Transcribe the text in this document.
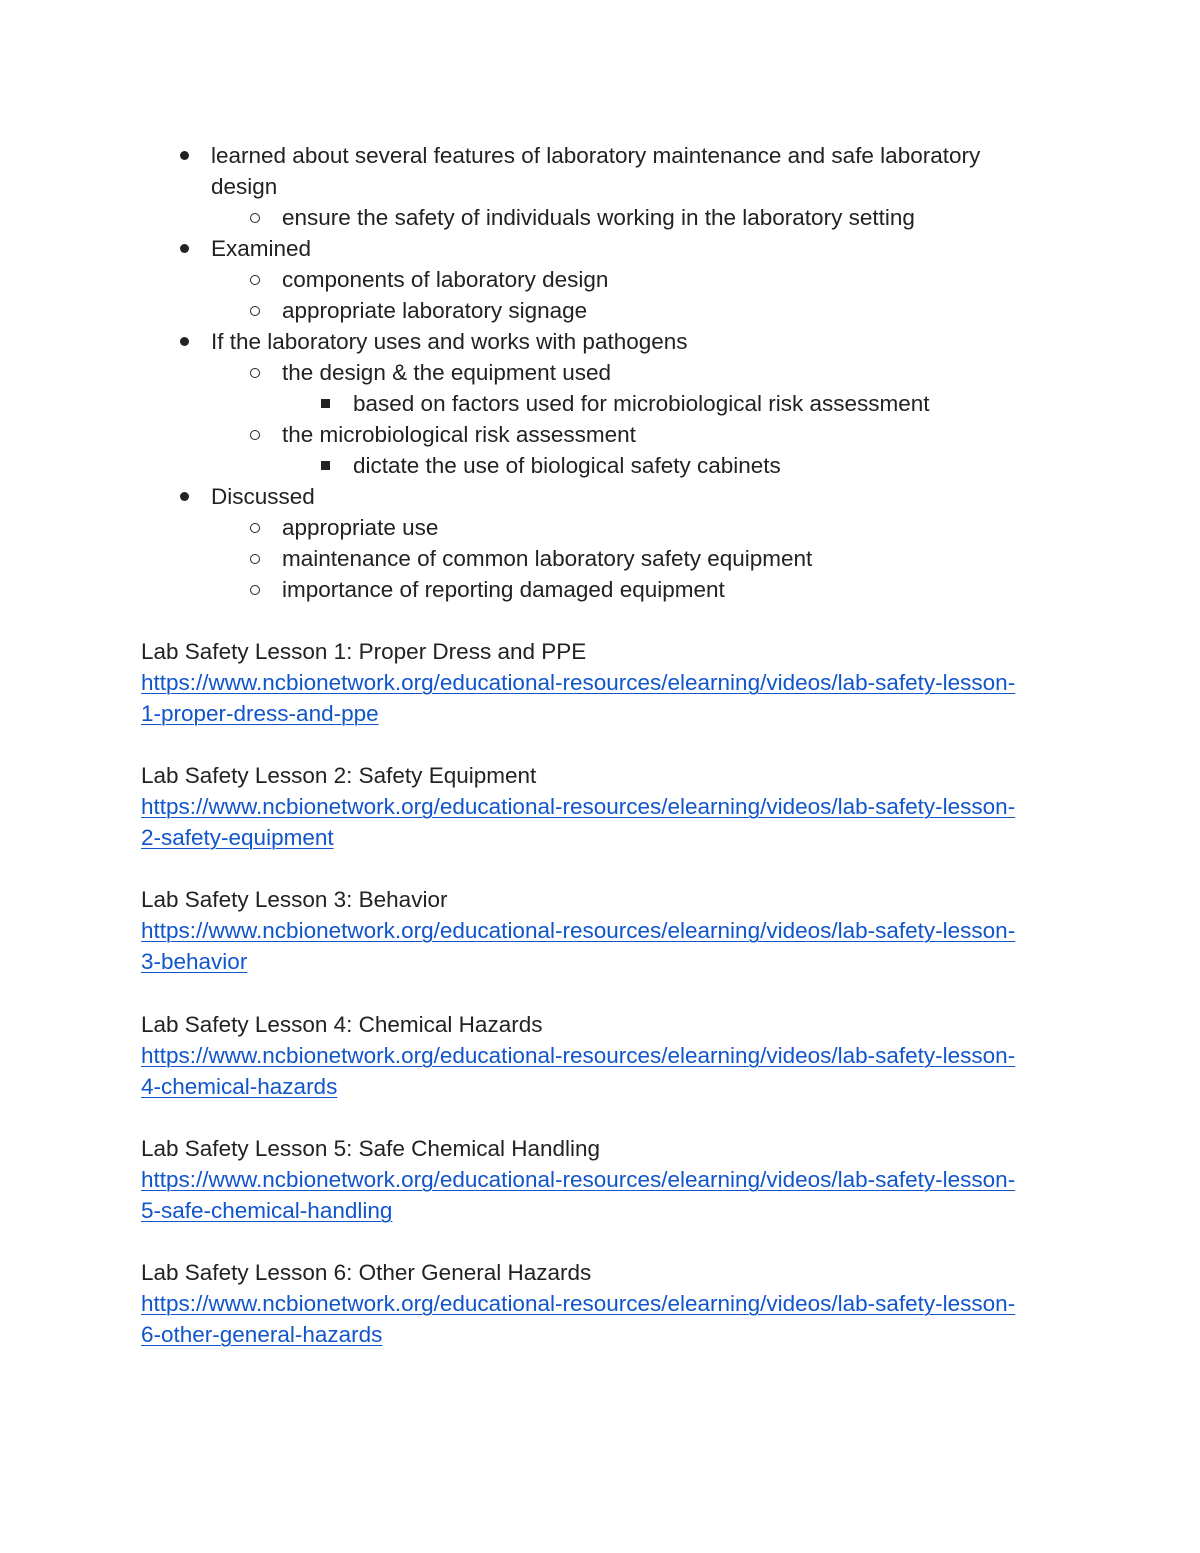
learned about several features of laboratory maintenance and safe laboratory
design
ensure the safety of individuals working in the laboratory setting
Examined
components of laboratory design
appropriate laboratory signage
If the laboratory uses and works with pathogens
the design & the equipment used
based on factors used for microbiological risk assessment
the microbiological risk assessment
dictate the use of biological safety cabinets
Discussed
appropriate use
maintenance of common laboratory safety equipment
importance of reporting damaged equipment
Lab Safety Lesson 1: Proper Dress and PPE
https://www.ncbionetwork.org/educational-resources/elearning/videos/lab-safety-lesson-
1-proper-dress-and-ppe
Lab Safety Lesson 2: Safety Equipment
https://www.ncbionetwork.org/educational-resources/elearning/videos/lab-safety-lesson-
2-safety-equipment
Lab Safety Lesson 3: Behavior
https://www.ncbionetwork.org/educational-resources/elearning/videos/lab-safety-lesson-
3-behavior
Lab Safety Lesson 4: Chemical Hazards
https://www.ncbionetwork.org/educational-resources/elearning/videos/lab-safety-lesson-
4-chemical-hazards
Lab Safety Lesson 5: Safe Chemical Handling
https://www.ncbionetwork.org/educational-resources/elearning/videos/lab-safety-lesson-
5-safe-chemical-handling
Lab Safety Lesson 6: Other General Hazards
https://www.ncbionetwork.org/educational-resources/elearning/videos/lab-safety-lesson-
6-other-general-hazards
